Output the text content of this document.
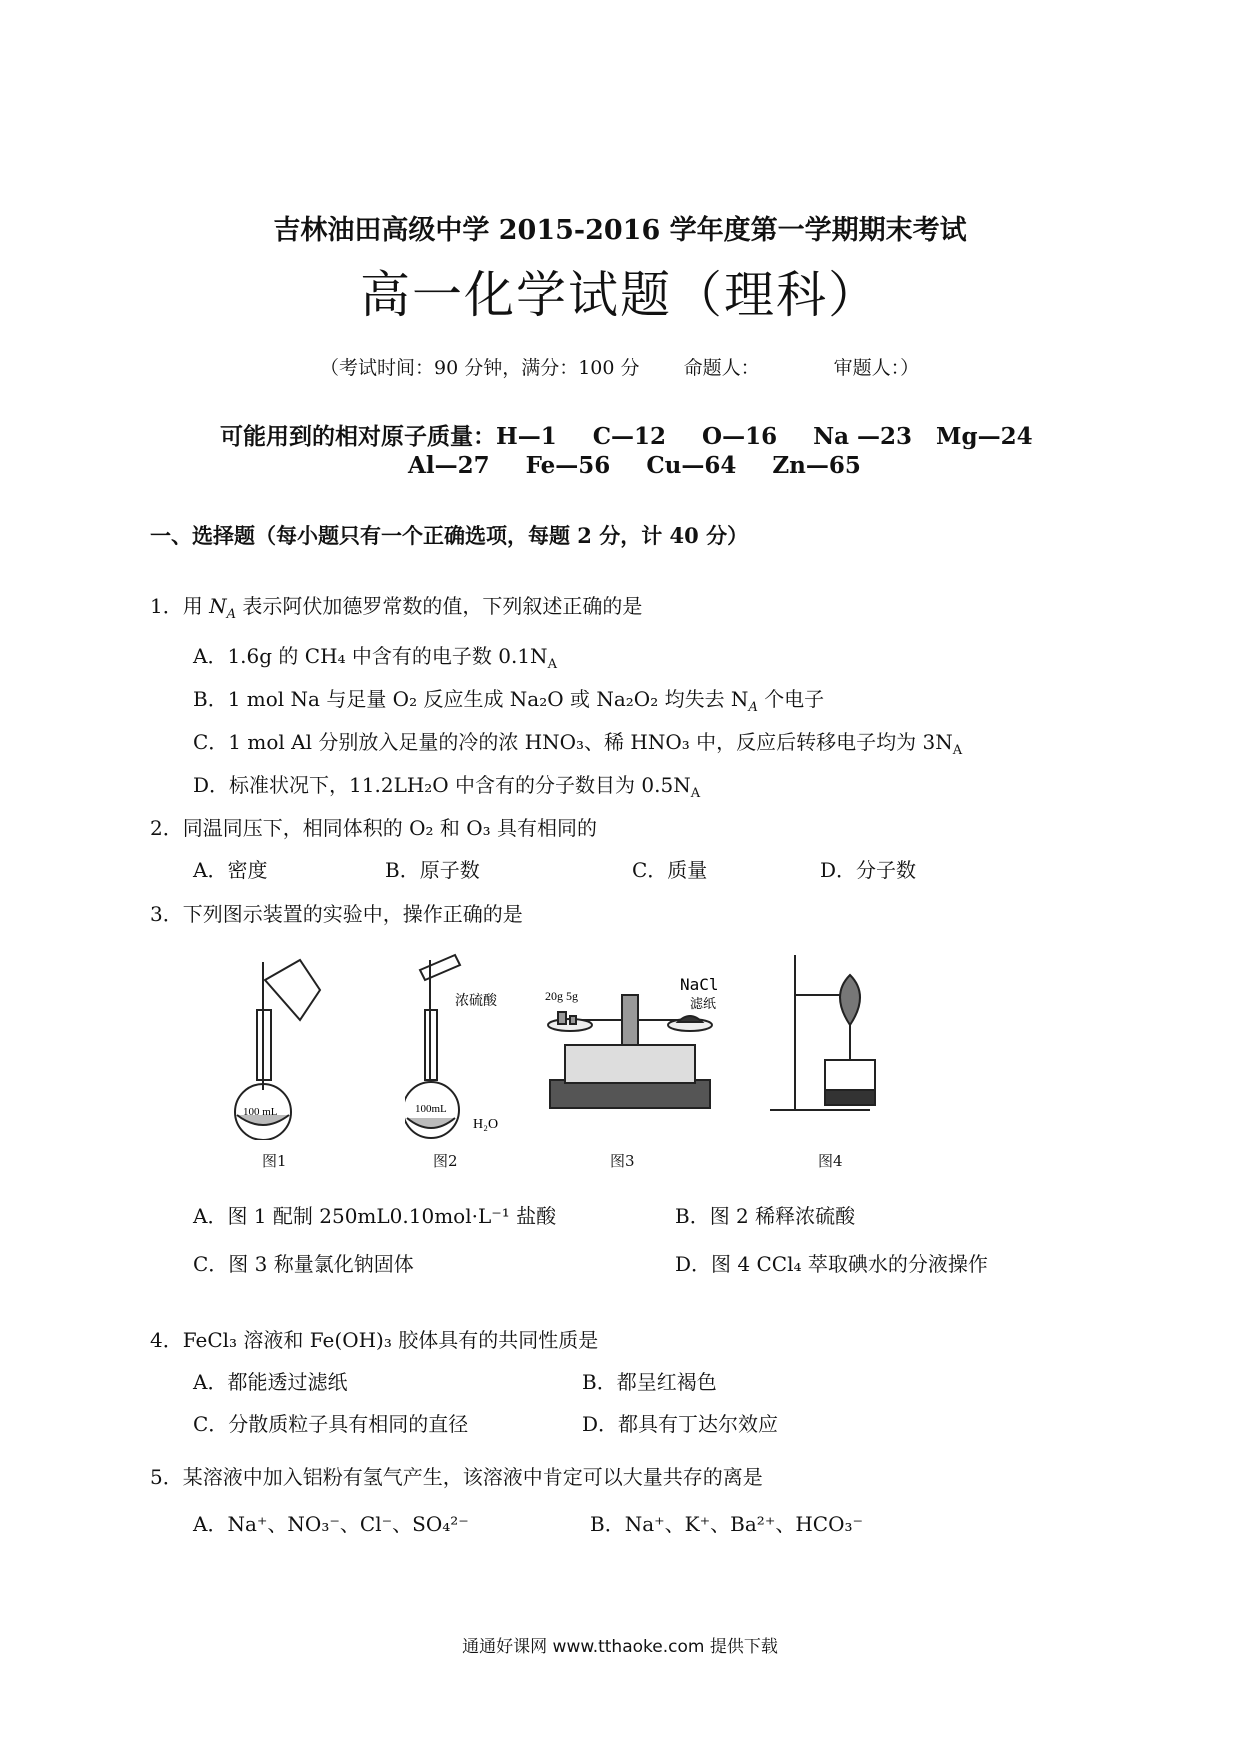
吉林油田高级中学 2015-2016 学年度第一学期期末考试
高一化学试题（理科）
（考试时间：90 分钟，满分：100 分 命题人：	审题人：）
可能用到的相对原子质量：H—1 C—12 O—16 Na —23 Mg—24
Al—27 Fe—56 Cu—64 Zn—65
一、选择题（每小题只有一个正确选项，每题 2 分，计 40 分）
1．用 $N_A$ 表示阿伏加德罗常数的值，下列叙述正确的是
A．1.6g 的 CH₄ 中含有的电子数 $0.1N_A$
B．1 mol Na 与足量 O₂ 反应生成 Na₂O 或 Na₂O₂ 均失去 $N_A$ 个电子
C．1 mol Al 分别放入足量的冷的浓 HNO₃、稀 HNO₃ 中，反应后转移电子均为 $3N_A$
D．标准状况下，11.2LH₂O 中含有的分子数目为 $0.5N_A$
2．同温同压下，相同体积的 O₂ 和 O₃ 具有相同的
A．密度	B．原子数	C．质量	D．分子数
3．下列图示装置的实验中，操作正确的是
100 mL
浓硫酸
100mL
H₂O
20g 5g
NaCl
滤纸
图1	图2	图3	图4
A．图 1 配制 250mL0.10mol·L⁻¹ 盐酸	B．图 2 稀释浓硫酸
C．图 3 称量氯化钠固体	D．图 4 CCl₄ 萃取碘水的分液操作
4．FeCl₃ 溶液和 Fe(OH)₃ 胶体具有的共同性质是
A．都能透过滤纸	B．都呈红褐色
C．分散质粒子具有相同的直径	D．都具有丁达尔效应
5．某溶液中加入铝粉有氢气产生，该溶液中肯定可以大量共存的离是
A．Na⁺、NO₃⁻、Cl⁻、SO₄²⁻	B．Na⁺、K⁺、Ba²⁺、HCO₃⁻
通通好课网 www.tthaoke.com 提供下载
